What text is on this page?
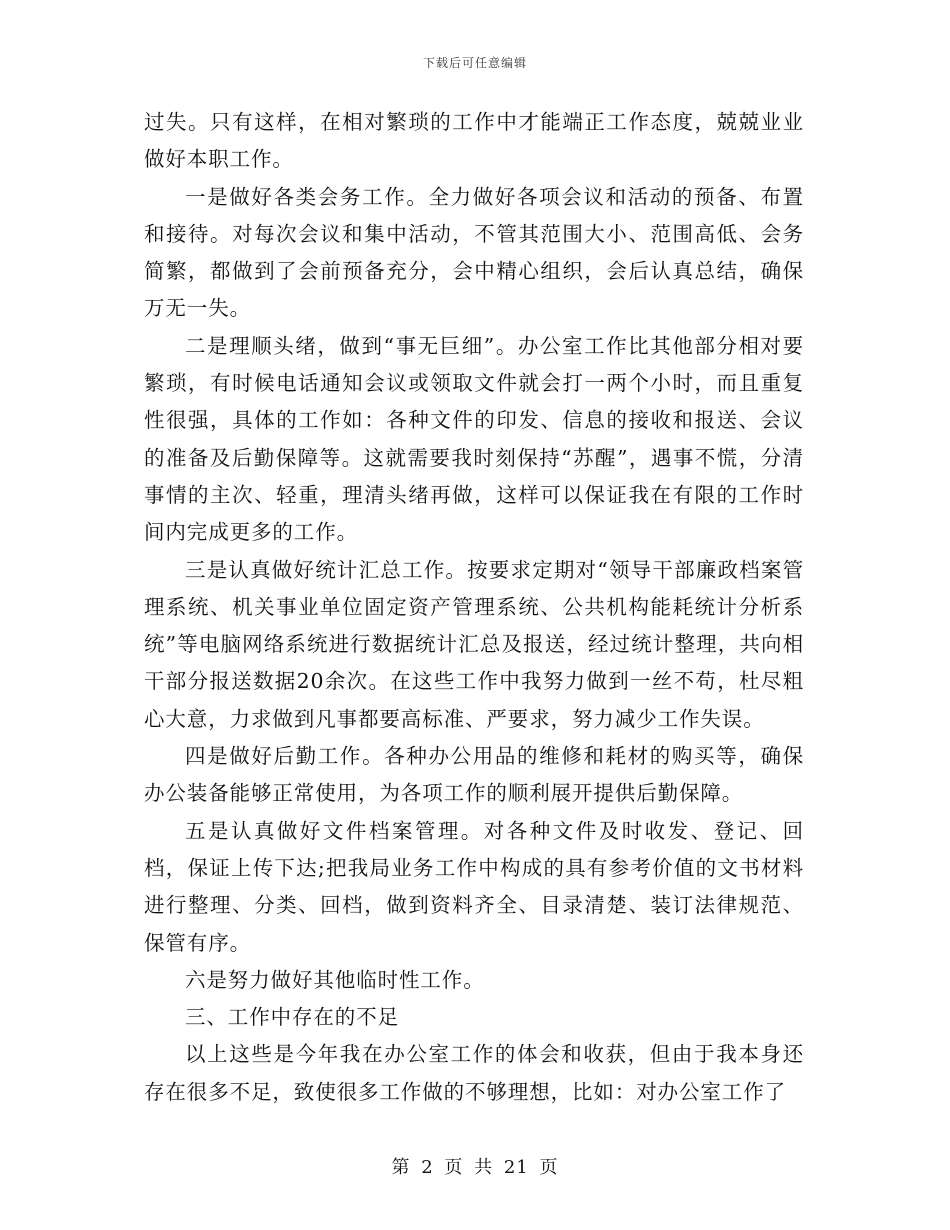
下载后可任意编辑

过失。只有这样，在相对繁琐的工作中才能端正工作态度，兢兢业业做好本职工作。

一是做好各类会务工作。全力做好各项会议和活动的预备、布置和接待。对每次会议和集中活动，不管其范围大小、范围高低、会务简繁，都做到了会前预备充分，会中精心组织，会后认真总结，确保万无一失。

二是理顺头绪，做到“事无巨细”。办公室工作比其他部分相对要繁琐，有时候电话通知会议或领取文件就会打一两个小时，而且重复性很强，具体的工作如：各种文件的印发、信息的接收和报送、会议的准备及后勤保障等。这就需要我时刻保持“苏醒”，遇事不慌，分清事情的主次、轻重，理清头绪再做，这样可以保证我在有限的工作时间内完成更多的工作。

三是认真做好统计汇总工作。按要求定期对“领导干部廉政档案管理系统、机关事业单位固定资产管理系统、公共机构能耗统计分析系统”等电脑网络系统进行数据统计汇总及报送，经过统计整理，共向相干部分报送数据20余次。在这些工作中我努力做到一丝不苟，杜尽粗心大意，力求做到凡事都要高标准、严要求，努力减少工作失误。

四是做好后勤工作。各种办公用品的维修和耗材的购买等，确保办公装备能够正常使用，为各项工作的顺利展开提供后勤保障。

五是认真做好文件档案管理。对各种文件及时收发、登记、回档，保证上传下达;把我局业务工作中构成的具有参考价值的文书材料进行整理、分类、回档，做到资料齐全、目录清楚、装订法律规范、保管有序。

六是努力做好其他临时性工作。

三、工作中存在的不足

以上这些是今年我在办公室工作的体会和收获，但由于我本身还存在很多不足，致使很多工作做的不够理想，比如：对办公室工作了

第 2 页 共 21 页
